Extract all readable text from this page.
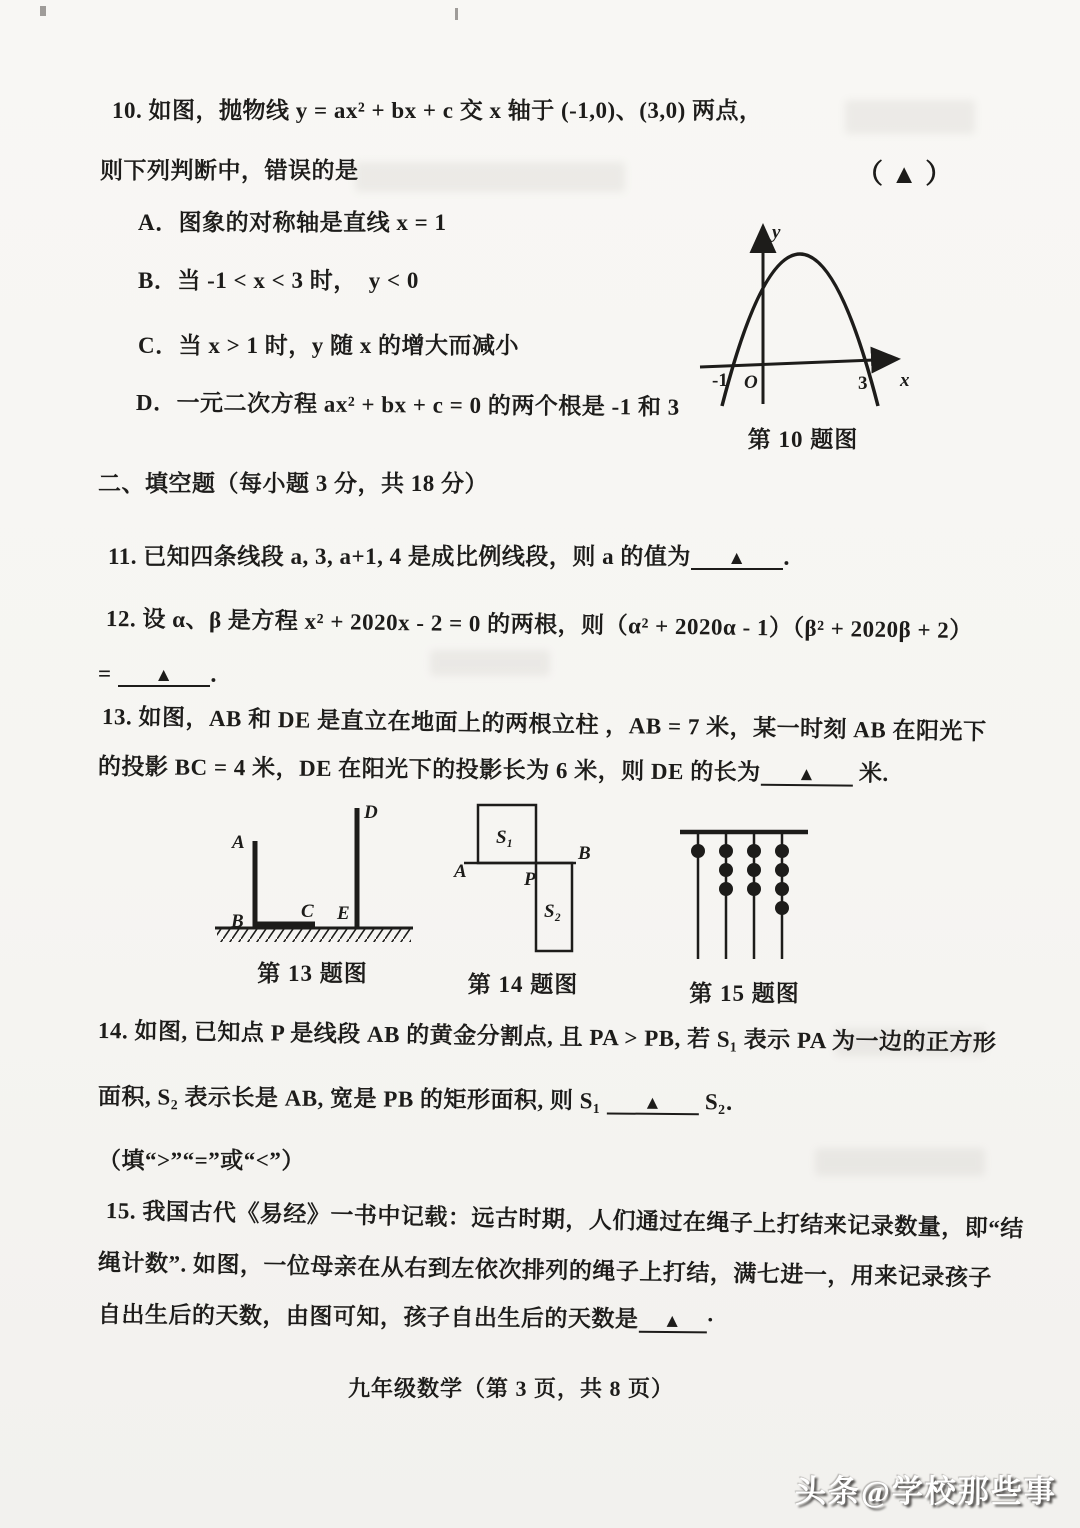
10. 如图，抛物线 y = ax² + bx + c 交 x 轴于 (-1,0)、(3,0) 两点，
则下列判断中，错误的是	（ ▲ ）
A．图象的对称轴是直线 x = 1
B．当 -1 < x < 3 时，　y < 0
C．当 x > 1 时，y 随 x 的增大而减小
D．一元二次方程 ax² + bx + c = 0 的两个根是 -1 和 3
y
x
-1 O	3
第 10 题图
二、填空题（每小题 3 分，共 18 分）
11. 已知四条线段 a, 3, a+1, 4 是成比例线段，则 a 的值为 ▲ ．
12. 设 α、β 是方程 x² + 2020x - 2 = 0 的两根，则（α² + 2020α - 1）（β² + 2020β + 2）
= ▲ ．
13. 如图，AB 和 DE 是直立在地面上的两根立柱 ，AB = 7 米，某一时刻 AB 在阳光下
的投影 BC = 4 米，DE 在阳光下的投影长为 6 米，则 DE 的长为 ▲ 米.
A
B	C
D
E
第 13 题图
S₁
S₂
A	P
B
第 14 题图	第 15 题图
14. 如图, 已知点 P 是线段 AB 的黄金分割点, 且 PA > PB, 若 S₁ 表示 PA 为一边的正方形
面积, S₂ 表示长是 AB, 宽是 PB 的矩形面积, 则 S₁ ▲ S₂．
（填“>”“=”或“<”）
15. 我国古代《易经》一书中记载：远古时期，人们通过在绳子上打结来记录数量，即“结
绳计数”. 如图，一位母亲在从右到左依次排列的绳子上打结，满七进一，用来记录孩子
自出生后的天数，由图可知，孩子自出生后的天数是 ▲ ·
九年级数学（第 3 页，共 8 页）
头条@学校那些事
